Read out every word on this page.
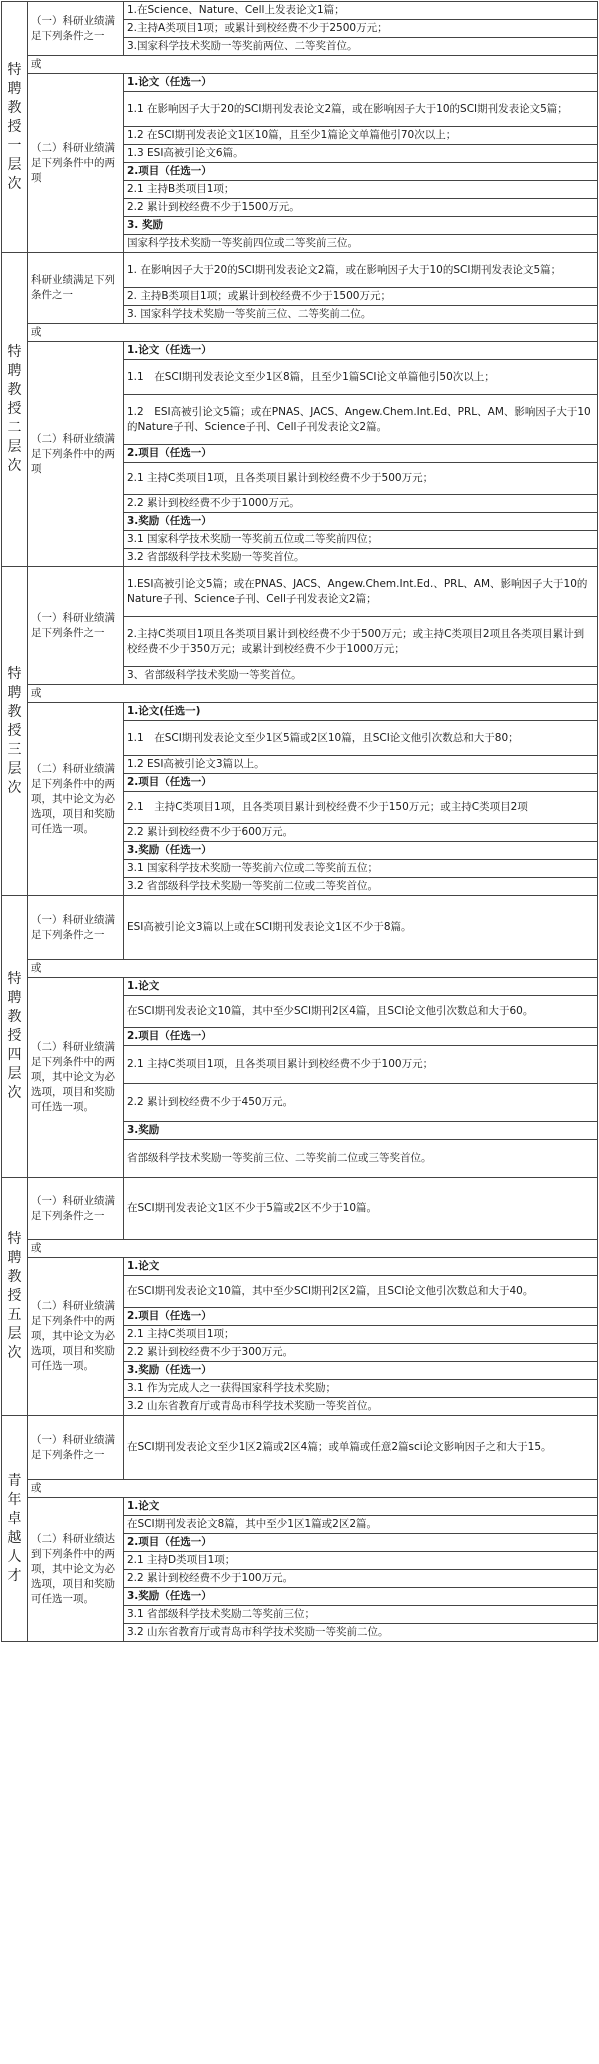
特聘教授一层次	（一）科研业绩满足下列条件之一	1.在Science、Nature、Cell上发表论文1篇；
		2.主持A类项目1项；或累计到校经费不少于2500万元；
		3.国家科学技术奖励一等奖前两位、二等奖首位。
	或	
	（二）科研业绩满足下列条件中的两项	1.论文（任选一）
		1.1 在影响因子大于20的SCI期刊发表论文2篇，或在影响因子大于10的SCI期刊发表论文5篇；
		1.2 在SCI期刊发表论文1区10篇，且至少1篇论文单篇他引70次以上；
		1.3 ESI高被引论文6篇。
		2.项目（任选一）
		2.1 主持B类项目1项；
		2.2 累计到校经费不少于1500万元。
		3. 奖励
		国家科学技术奖励一等奖前四位或二等奖前三位。
特聘教授二层次	科研业绩满足下列条件之一	1. 在影响因子大于20的SCI期刊发表论文2篇，或在影响因子大于10的SCI期刊发表论文5篇；
		2. 主持B类项目1项；或累计到校经费不少于1500万元；
		3. 国家科学技术奖励一等奖前三位、二等奖前二位。
	或	
	（二）科研业绩满足下列条件中的两项	1.论文（任选一）
		1.1　在SCI期刊发表论文至少1区8篇，且至少1篇SCI论文单篇他引50次以上；
		1.2　ESI高被引论文5篇；或在PNAS、JACS、Angew.Chem.Int.Ed、PRL、AM、影响因子大于10的Nature子刊、Science子刊、Cell子刊发表论文2篇。
		2.项目（任选一）
		2.1 主持C类项目1项，且各类项目累计到校经费不少于500万元；
		2.2 累计到校经费不少于1000万元。
		3.奖励（任选一）
		3.1 国家科学技术奖励一等奖前五位或二等奖前四位；
		3.2 省部级科学技术奖励一等奖首位。
特聘教授三层次	（一）科研业绩满足下列条件之一	1.ESI高被引论文5篇；或在PNAS、JACS、Angew.Chem.Int.Ed.、PRL、AM、影响因子大于10的Nature子刊、Science子刊、Cell子刊发表论文2篇；
		2.主持C类项目1项且各类项目累计到校经费不少于500万元；或主持C类项目2项且各类项目累计到校经费不少于350万元；或累计到校经费不少于1000万元；
		3、省部级科学技术奖励一等奖首位。
	或	
	（二）科研业绩满足下列条件中的两项，其中论文为必选项，项目和奖励可任选一项。	1.论文(任选一)
		1.1　在SCI期刊发表论文至少1区5篇或2区10篇，且SCI论文他引次数总和大于80；
		1.2 ESI高被引论文3篇以上。
		2.项目（任选一）
		2.1　主持C类项目1项，且各类项目累计到校经费不少于150万元；或主持C类项目2项
		2.2 累计到校经费不少于600万元。
		3.奖励（任选一）
		3.1 国家科学技术奖励一等奖前六位或二等奖前五位；
		3.2 省部级科学技术奖励一等奖前二位或二等奖首位。
特聘教授四层次	（一）科研业绩满足下列条件之一	ESI高被引论文3篇以上或在SCI期刊发表论文1区不少于8篇。
	或	
	（二）科研业绩满足下列条件中的两项，其中论文为必选项，项目和奖励可任选一项。	1.论文
		在SCI期刊发表论文10篇，其中至少SCI期刊2区4篇，且SCI论文他引次数总和大于60。
		2.项目（任选一）
		2.1 主持C类项目1项，且各类项目累计到校经费不少于100万元；
		2.2 累计到校经费不少于450万元。
		3.奖励
		省部级科学技术奖励一等奖前三位、二等奖前二位或三等奖首位。
特聘教授五层次	（一）科研业绩满足下列条件之一	在SCI期刊发表论文1区不少于5篇或2区不少于10篇。
	或	
	（二）科研业绩满足下列条件中的两项，其中论文为必选项，项目和奖励可任选一项。	1.论文
		在SCI期刊发表论文10篇，其中至少SCI期刊2区2篇，且SCI论文他引次数总和大于40。
		2.项目（任选一）
		2.1 主持C类项目1项；
		2.2 累计到校经费不少于300万元。
		3.奖励（任选一）
		3.1 作为完成人之一获得国家科学技术奖励；
		3.2 山东省教育厅或青岛市科学技术奖励一等奖首位。
青年卓越人才	（一）科研业绩满足下列条件之一	在SCI期刊发表论文至少1区2篇或2区4篇；或单篇或任意2篇sci论文影响因子之和大于15。
	或	
	（二）科研业绩达到下列条件中的两项，其中论文为必选项，项目和奖励可任选一项。	1.论文
		在SCI期刊发表论文8篇，其中至少1区1篇或2区2篇。
		2.项目（任选一）
		2.1 主持D类项目1项；
		2.2 累计到校经费不少于100万元。
		3.奖励（任选一）
		3.1 省部级科学技术奖励二等奖前三位；
		3.2 山东省教育厅或青岛市科学技术奖励一等奖前二位。
